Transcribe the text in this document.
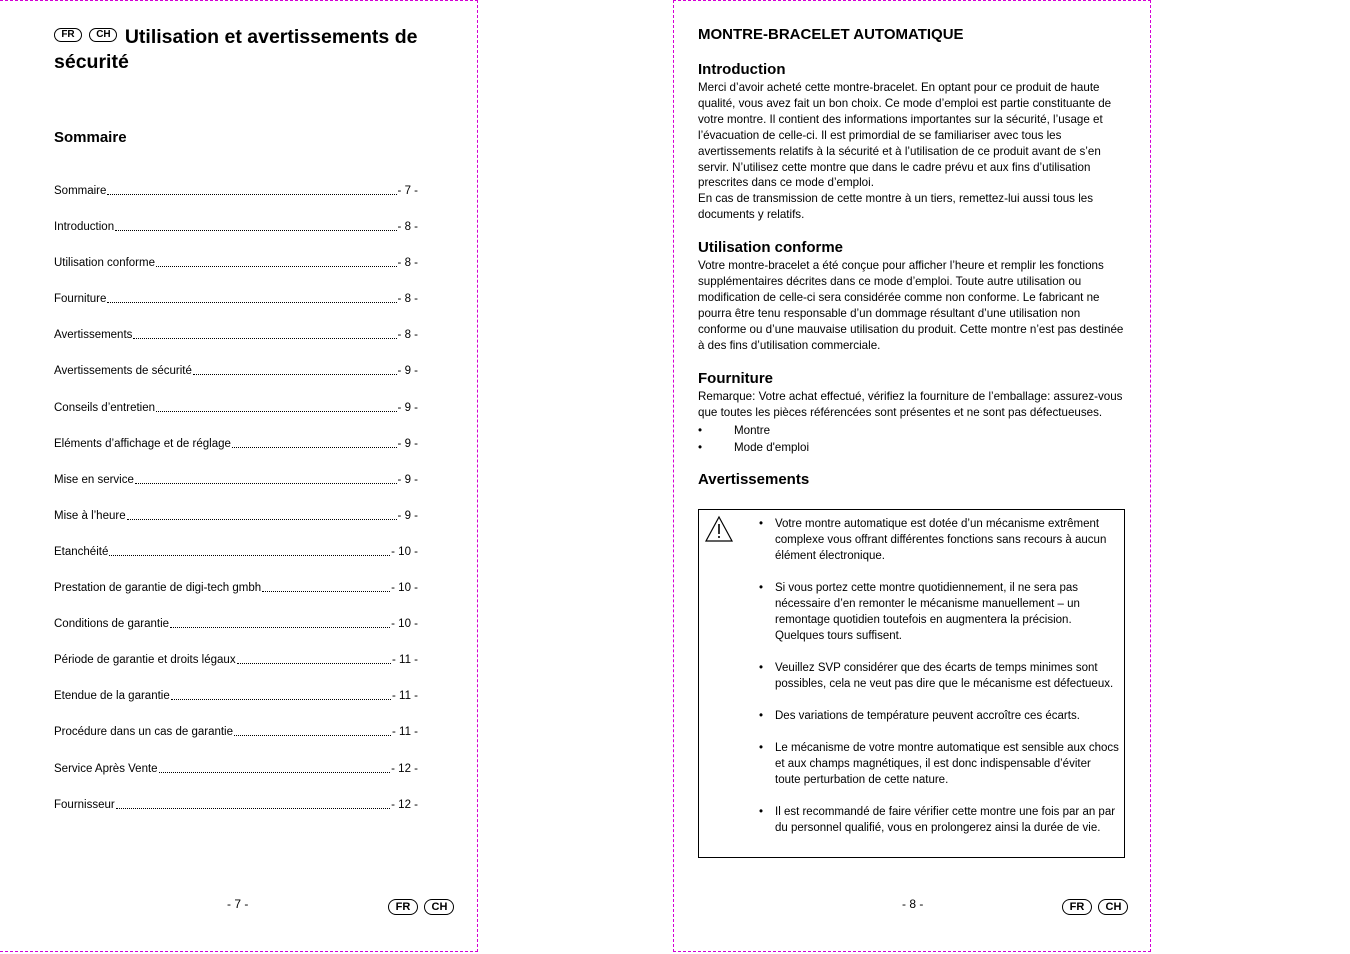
FR CH Utilisation et avertissements de sécurité
Sommaire
Sommaire	- 7 -
Introduction	- 8 -
Utilisation conforme	- 8 -
Fourniture	- 8 -
Avertissements	- 8 -
Avertissements de sécurité	- 9 -
Conseils d’entretien	- 9 -
Eléments d’affichage et de réglage	- 9 -
Mise en service	- 9 -
Mise à l’heure	- 9 -
Etanchéité	- 10 -
Prestation de garantie de digi-tech gmbh	- 10 -
Conditions de garantie	- 10 -
Période de garantie et droits légaux	- 11 -
Etendue de la garantie	- 11 -
Procédure dans un cas de garantie	- 11 -
Service Après Vente	- 12 -
Fournisseur	- 12 -
- 7 -	FR CH

MONTRE-BRACELET AUTOMATIQUE

Introduction

Merci d’avoir acheté cette montre-bracelet. En optant pour ce produit de haute qualité, vous avez fait un bon choix. Ce mode d’emploi est partie constituante de votre montre. Il contient des informations importantes sur la sécurité, l’usage et l’évacuation de celle-ci. Il est primordial de se familiariser avec tous les avertissements relatifs à la sécurité et à l’utilisation de ce produit avant de s’en servir. N’utilisez cette montre que dans le cadre prévu et aux fins d’utilisation prescrites dans ce mode d’emploi.

En cas de transmission de cette montre à un tiers, remettez-lui aussi tous les documents y relatifs.

Utilisation conforme

Votre montre-bracelet a été conçue pour afficher l’heure et remplir les fonctions supplémentaires décrites dans ce mode d’emploi. Toute autre utilisation ou modification de celle-ci sera considérée comme non conforme. Le fabricant ne pourra être tenu responsable d’un dommage résultant d’une utilisation non conforme ou d’une mauvaise utilisation du produit. Cette montre n’est pas destinée à des fins d’utilisation commerciale.

Fourniture

Remarque: Votre achat effectué, vérifiez la fourniture de l’emballage: assurez-vous que toutes les pièces référencées sont présentes et ne sont pas défectueuses.

• Montre
• Mode d'emploi
Avertissements
• Votre montre automatique est dotée d’un mécanisme extrêment complexe vous offrant différentes fonctions sans recours à aucun élément électronique.
• Si vous portez cette montre quotidiennement, il ne sera pas nécessaire d’en remonter le mécanisme manuellement – un remontage quotidien toutefois en augmentera la précision. Quelques tours suffisent.
• Veuillez SVP considérer que des écarts de temps minimes sont possibles, cela ne veut pas dire que le mécanisme est défectueux.
• Des variations de température peuvent accroître ces écarts.
• Le mécanisme de votre montre automatique est sensible aux chocs et aux champs magnétiques, il est donc indispensable d’éviter toute perturbation de cette nature.
• Il est recommandé de faire vérifier cette montre une fois par an par du personnel qualifié, vous en prolongerez ainsi la durée de vie.
- 8 -	FR CH
